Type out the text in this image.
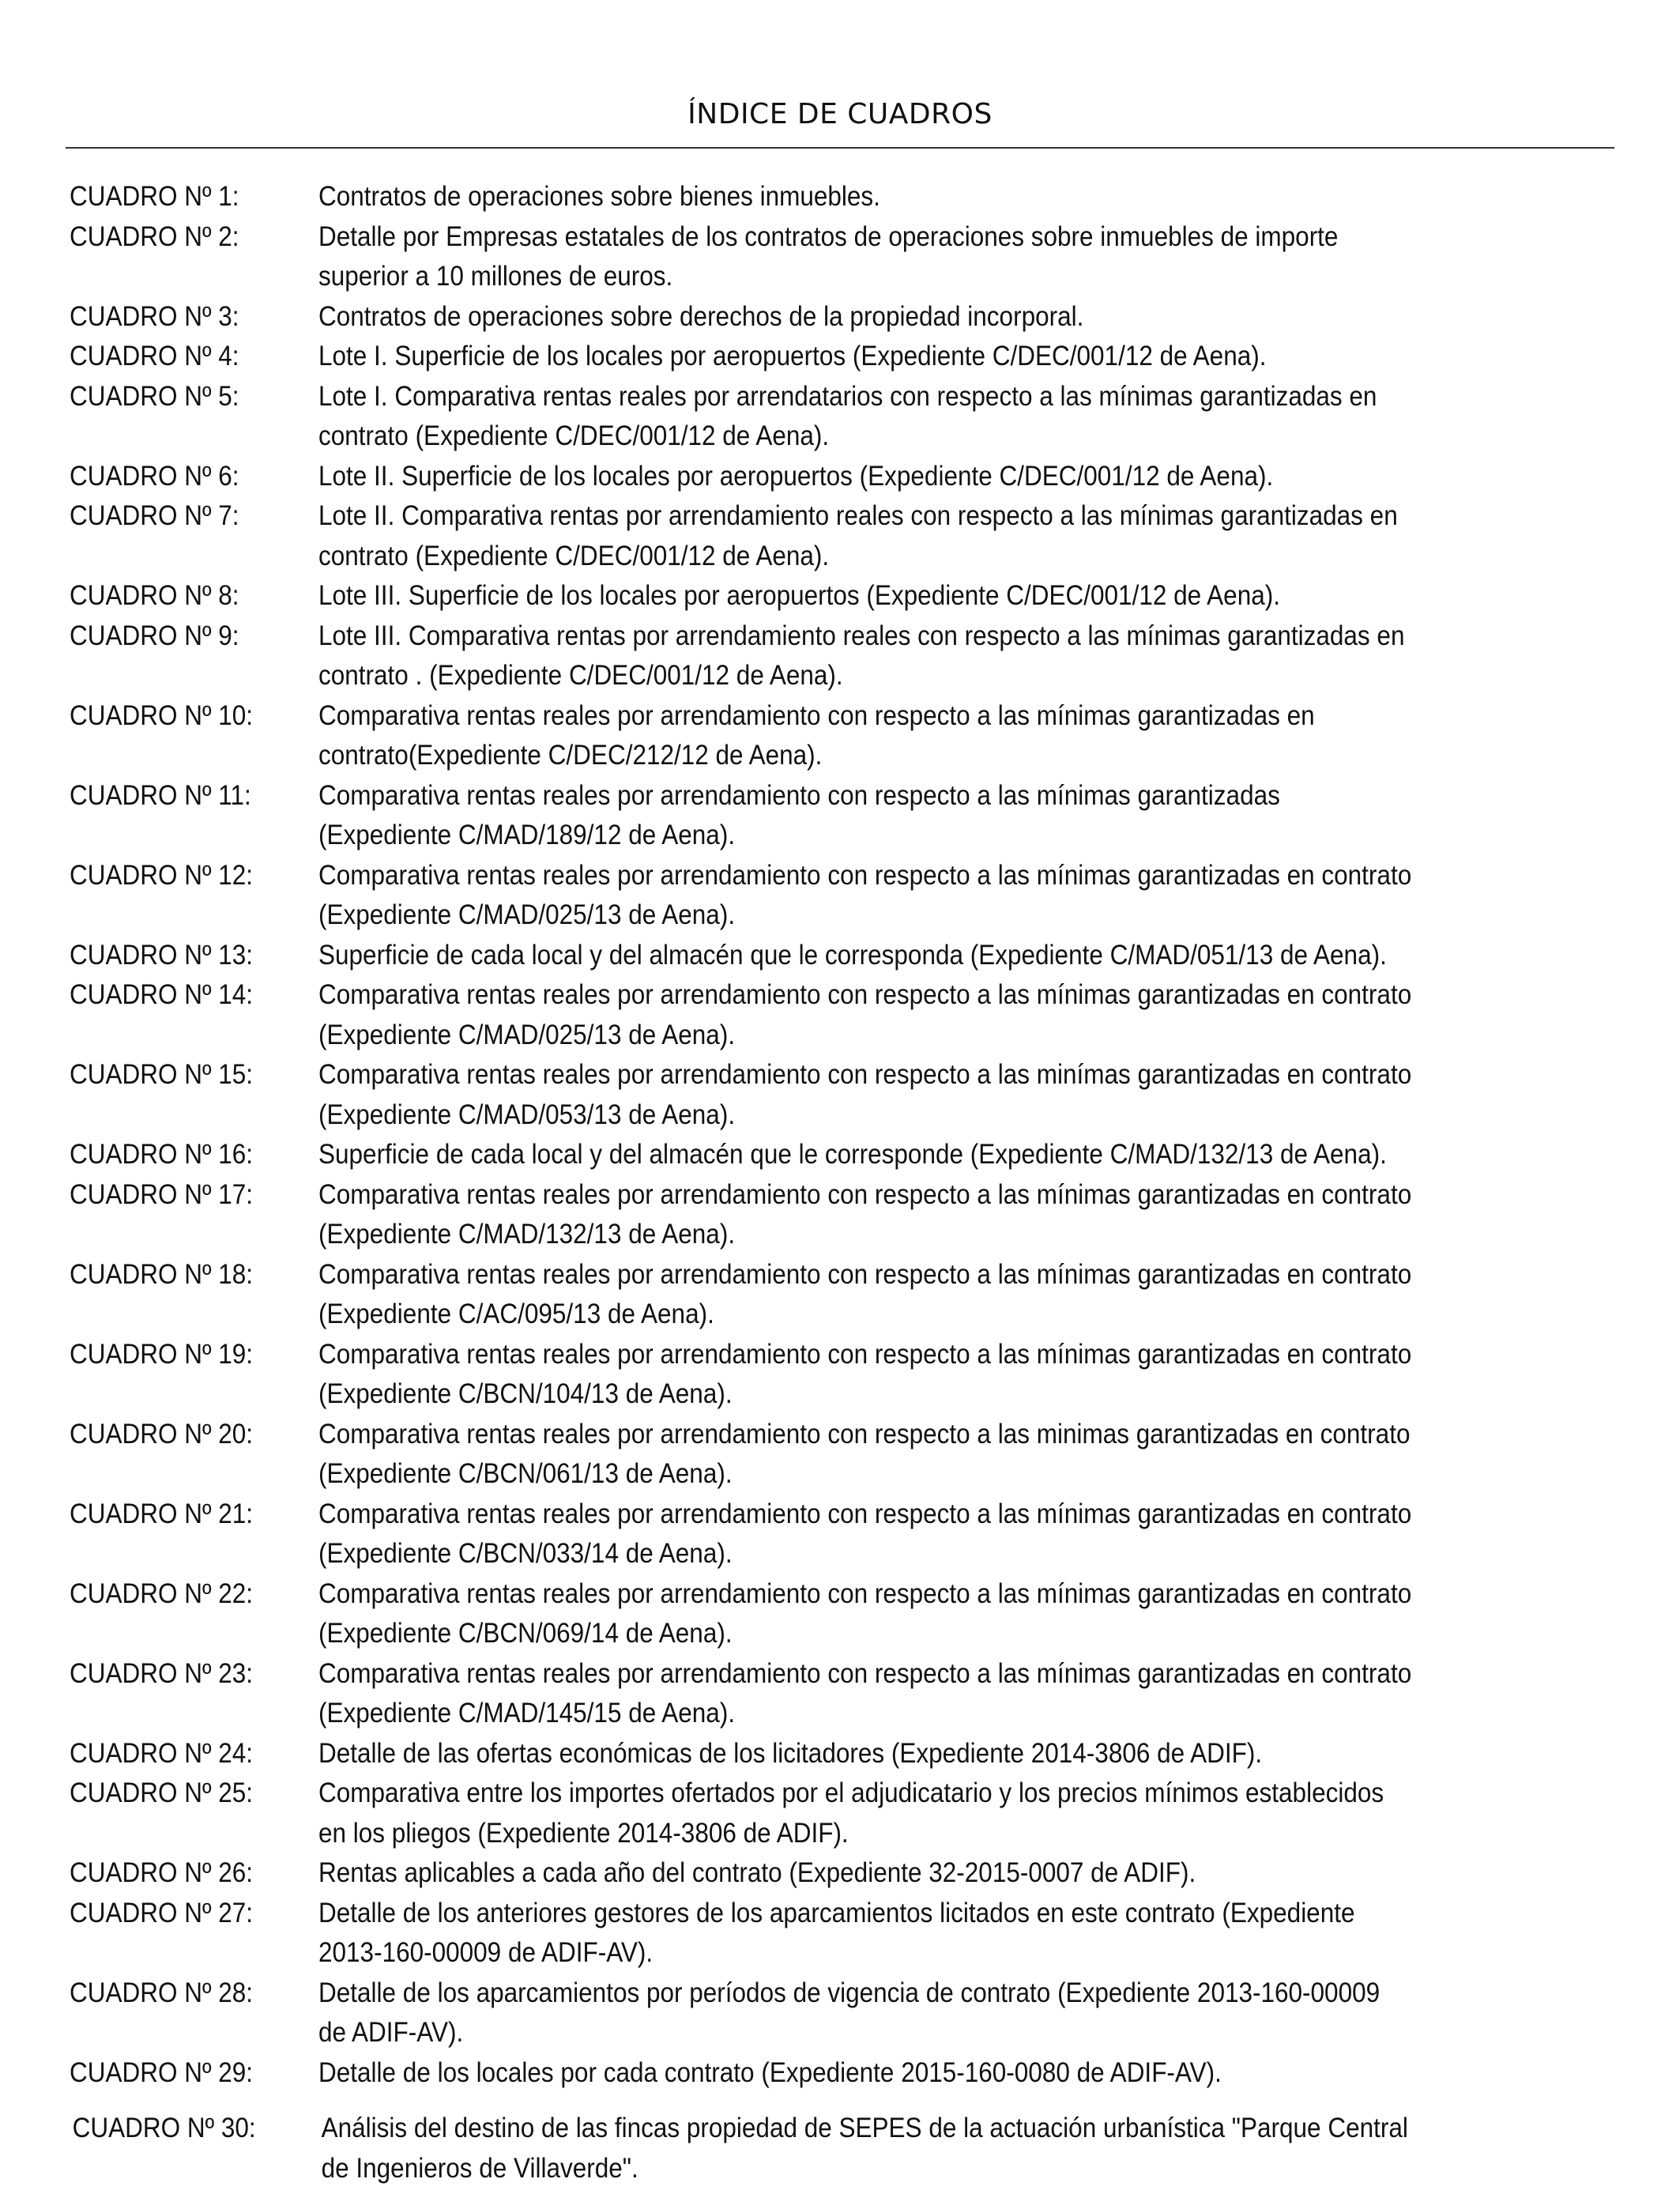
ÍNDICE DE CUADROS
CUADRO Nº 1:	Contratos de operaciones sobre bienes inmuebles.
CUADRO Nº 2:	Detalle por Empresas estatales de los contratos de operaciones sobre inmuebles de importe superior a 10 millones de euros.
CUADRO Nº 3:	Contratos de operaciones sobre derechos de la propiedad incorporal.
CUADRO Nº 4:	Lote I. Superficie de los locales por aeropuertos (Expediente C/DEC/001/12 de Aena).
CUADRO Nº 5:	Lote I. Comparativa rentas reales por arrendatarios con respecto a las mínimas garantizadas en contrato (Expediente C/DEC/001/12 de Aena).
CUADRO Nº 6:	Lote II. Superficie de los locales por aeropuertos (Expediente C/DEC/001/12 de Aena).
CUADRO Nº 7:	Lote II. Comparativa rentas por arrendamiento reales con respecto a las mínimas garantizadas en contrato (Expediente C/DEC/001/12 de Aena).
CUADRO Nº 8:	Lote III. Superficie de los locales por aeropuertos (Expediente C/DEC/001/12 de Aena).
CUADRO Nº 9:	Lote III. Comparativa rentas por arrendamiento reales con respecto a las mínimas garantizadas en contrato . (Expediente C/DEC/001/12 de Aena).
CUADRO Nº 10:	Comparativa rentas reales por arrendamiento con respecto a las mínimas garantizadas en contrato(Expediente C/DEC/212/12 de Aena).
CUADRO Nº 11:	Comparativa rentas reales por arrendamiento con respecto a las mínimas garantizadas (Expediente C/MAD/189/12 de Aena).
CUADRO Nº 12:	Comparativa rentas reales por arrendamiento con respecto a las mínimas garantizadas en contrato (Expediente C/MAD/025/13 de Aena).
CUADRO Nº 13:	Superficie de cada local y del almacén que le corresponda (Expediente C/MAD/051/13 de Aena).
CUADRO Nº 14:	Comparativa rentas reales por arrendamiento con respecto a las mínimas garantizadas en contrato (Expediente C/MAD/025/13 de Aena).
CUADRO Nº 15:	Comparativa rentas reales por arrendamiento con respecto a las minímas garantizadas en contrato (Expediente C/MAD/053/13 de Aena).
CUADRO Nº 16:	Superficie de cada local y del almacén que le corresponde (Expediente C/MAD/132/13 de Aena).
CUADRO Nº 17:	Comparativa rentas reales por arrendamiento con respecto a las mínimas garantizadas en contrato (Expediente C/MAD/132/13 de Aena).
CUADRO Nº 18:	Comparativa rentas reales por arrendamiento con respecto a las mínimas garantizadas en contrato (Expediente C/AC/095/13 de Aena).
CUADRO Nº 19:	Comparativa rentas reales por arrendamiento con respecto a las mínimas garantizadas en contrato (Expediente C/BCN/104/13 de Aena).
CUADRO Nº 20:	Comparativa rentas reales por arrendamiento con respecto a las minimas garantizadas en contrato (Expediente C/BCN/061/13 de Aena).
CUADRO Nº 21:	Comparativa rentas reales por arrendamiento con respecto a las mínimas garantizadas en contrato (Expediente C/BCN/033/14 de Aena).
CUADRO Nº 22:	Comparativa rentas reales por arrendamiento con respecto a las mínimas garantizadas en contrato (Expediente C/BCN/069/14 de Aena).
CUADRO Nº 23:	Comparativa rentas reales por arrendamiento con respecto a las mínimas garantizadas en contrato (Expediente C/MAD/145/15 de Aena).
CUADRO Nº 24:	Detalle de las ofertas económicas de los licitadores (Expediente 2014-3806 de ADIF).
CUADRO Nº 25:	Comparativa entre los importes ofertados por el adjudicatario y los precios mínimos establecidos en los pliegos (Expediente 2014-3806 de ADIF).
CUADRO Nº 26:	Rentas aplicables a cada año del contrato (Expediente 32-2015-0007 de ADIF).
CUADRO Nº 27:	Detalle de los anteriores gestores de los aparcamientos licitados en este contrato (Expediente 2013-160-00009 de ADIF-AV).
CUADRO Nº 28:	Detalle de los aparcamientos por períodos de vigencia de contrato (Expediente 2013-160-00009 de ADIF-AV).
CUADRO Nº 29:	Detalle de los locales por cada contrato (Expediente 2015-160-0080 de ADIF-AV).
CUADRO Nº 30:	Análisis del destino de las fincas propiedad de SEPES de la actuación urbanística "Parque Central de Ingenieros de Villaverde".
